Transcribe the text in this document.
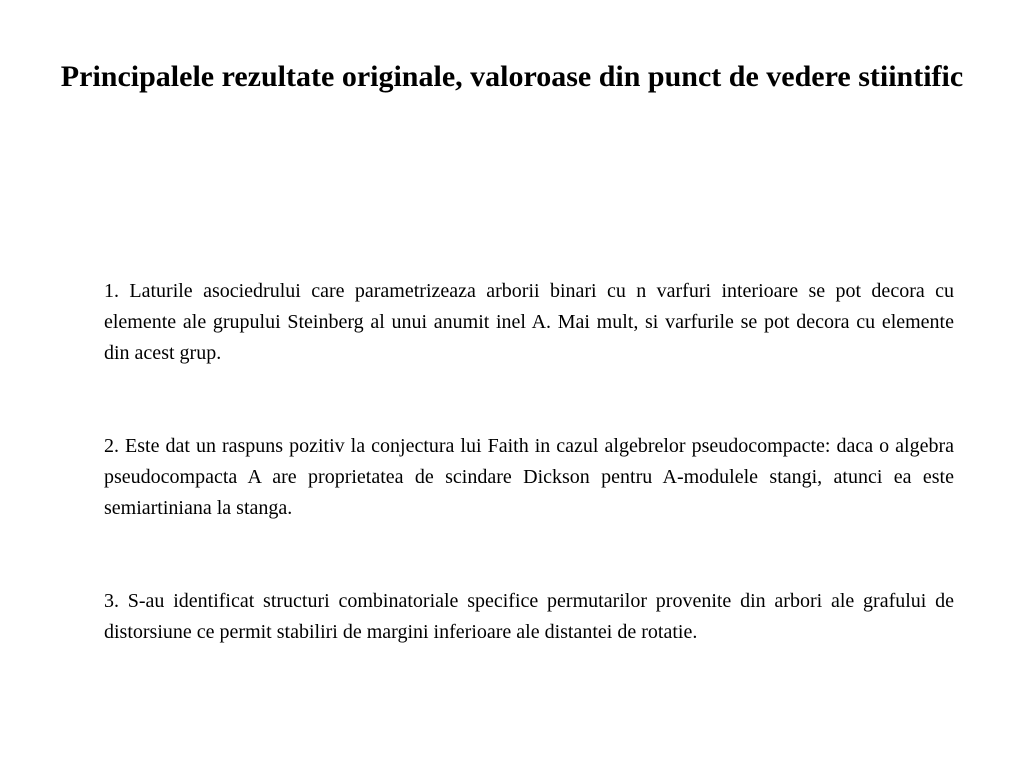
Principalele rezultate originale, valoroase din punct de vedere stiintific

1. Laturile asociedrului care parametrizeaza arborii binari cu n varfuri interioare se pot decora cu elemente ale grupului Steinberg al unui anumit inel A. Mai mult, si varfurile se pot decora cu elemente din acest grup.

2. Este dat un raspuns pozitiv la conjectura lui Faith in cazul algebrelor pseudocompacte: daca o algebra pseudocompacta A are proprietatea de scindare Dickson pentru A-modulele stangi, atunci ea este semiartiniana la stanga.

3. S-au identificat structuri combinatoriale specifice permutarilor provenite din arbori ale grafului de distorsiune ce permit stabiliri de margini inferioare ale distantei de rotatie.
